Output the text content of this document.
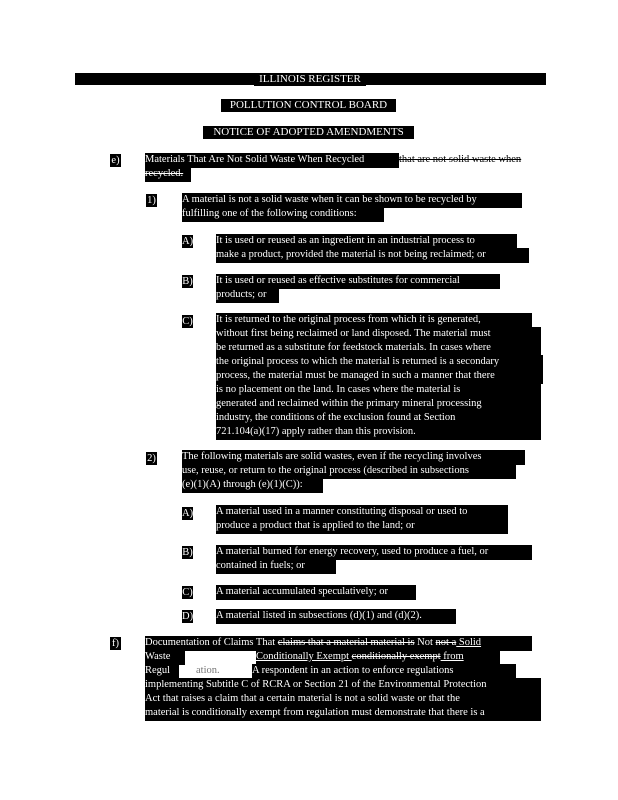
ILLINOIS REGISTER
POLLUTION CONTROL BOARD
NOTICE OF ADOPTED AMENDMENTS
e) Materials That Are Not Solid Waste When Recycled	that are not solid waste when
recycled.
1) A material is not a solid waste when it can be shown to be recycled by
fulfilling one of the following conditions:
A) It is used or reused as an ingredient in an industrial process to
make a product, provided the material is not being reclaimed; or
B) It is used or reused as effective substitutes for commercial
products; or
C) It is returned to the original process from which it is generated,
without first being reclaimed or land disposed. The material must
be returned as a substitute for feedstock materials. In cases where
the original process to which the material is returned is a secondary
process, the material must be managed in such a manner that there
is no placement on the land. In cases where the material is
generated and reclaimed within the primary mineral processing
industry, the conditions of the exclusion found at Section
721.104(a)(17) apply rather than this provision.
2) The following materials are solid wastes, even if the recycling involves
use, reuse, or return to the original process (described in subsections
(e)(1)(A) through (e)(1)(C)):
A) A material used in a manner constituting disposal or used to
produce a product that is applied to the land; or
B) A material burned for energy recovery, used to produce a fuel, or
contained in fuels; or
C) A material accumulated speculatively; or
D) A material listed in subsections (d)(1) and (d)(2).
f) Documentation of Claims That claims that a material material is Not not a Solid
Waste	Conditionally Exempt conditionally exempt from
Regul	ation.	A respondent in an action to enforce regulations
implementing Subtitle C of RCRA or Section 21 of the Environmental Protection
Act that raises a claim that a certain material is not a solid waste or that the
material is conditionally exempt from regulation must demonstrate that there is a
